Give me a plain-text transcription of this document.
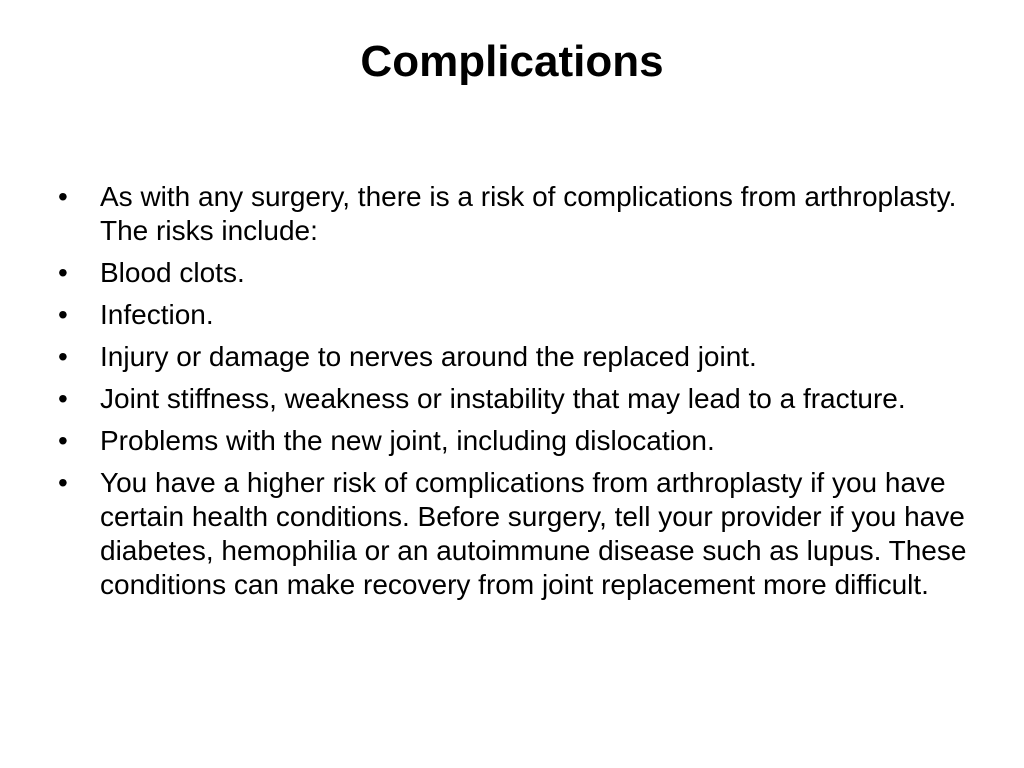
Complications
•	As with any surgery, there is a risk of complications from arthroplasty. The risks include:
•	Blood clots.
•	Infection.
•	Injury or damage to nerves around the replaced joint.
•	Joint stiffness, weakness or instability that may lead to a fracture.
•	Problems with the new joint, including dislocation.
•	You have a higher risk of complications from arthroplasty if you have certain health conditions. Before surgery, tell your provider if you have diabetes, hemophilia or an autoimmune disease such as lupus. These conditions can make recovery from joint replacement more difficult.
